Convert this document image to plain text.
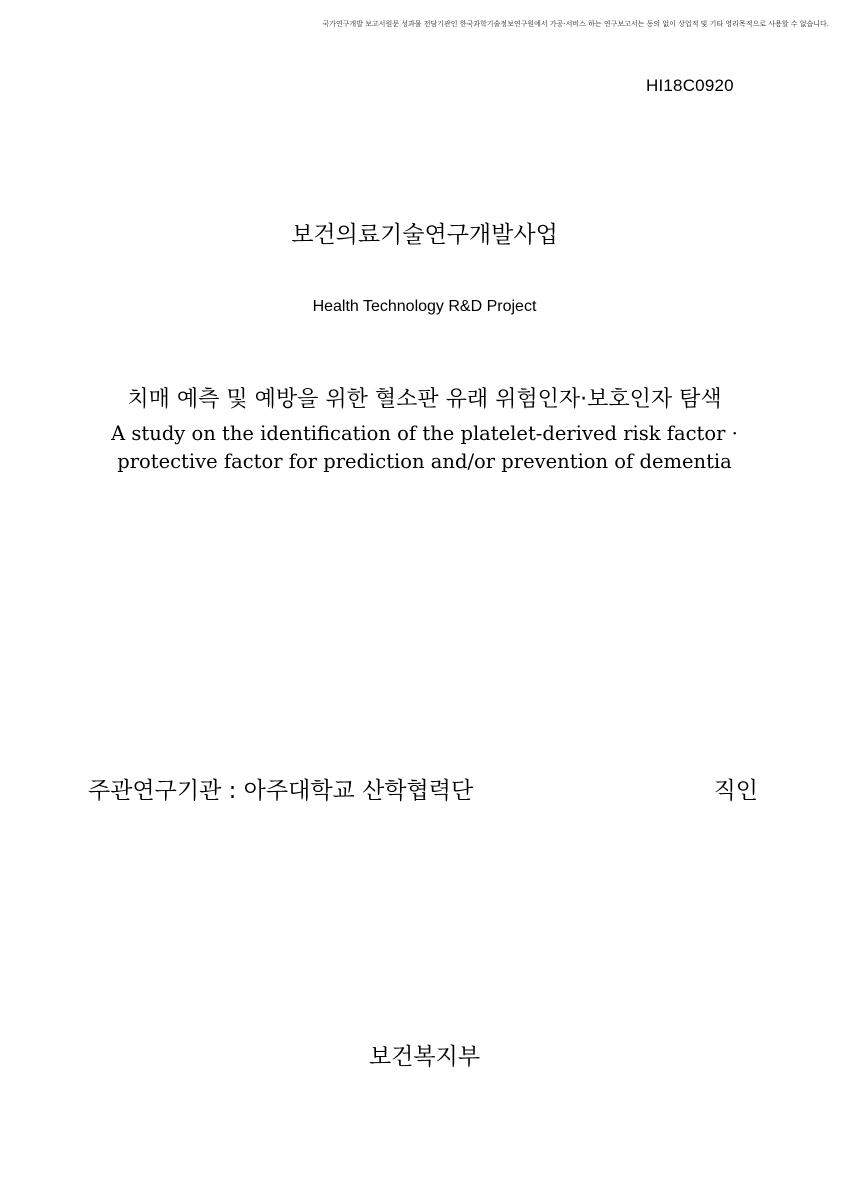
국가연구개발 보고서원문 성과물 전담기관인 한국과학기술정보연구원에서 가공·서비스 하는 연구보고서는 동의 없이 상업적 및 기타 영리목적으로 사용할 수 없습니다.
HI18C0920
보건의료기술연구개발사업
Health Technology R&D Project
치매 예측 및 예방을 위한 혈소판 유래 위험인자·보호인자 탐색
A study on the identification of the platelet-derived risk factor ·
protective factor for prediction and/or prevention of dementia
주관연구기관 : 아주대학교 산학협력단	직인
보건복지부
